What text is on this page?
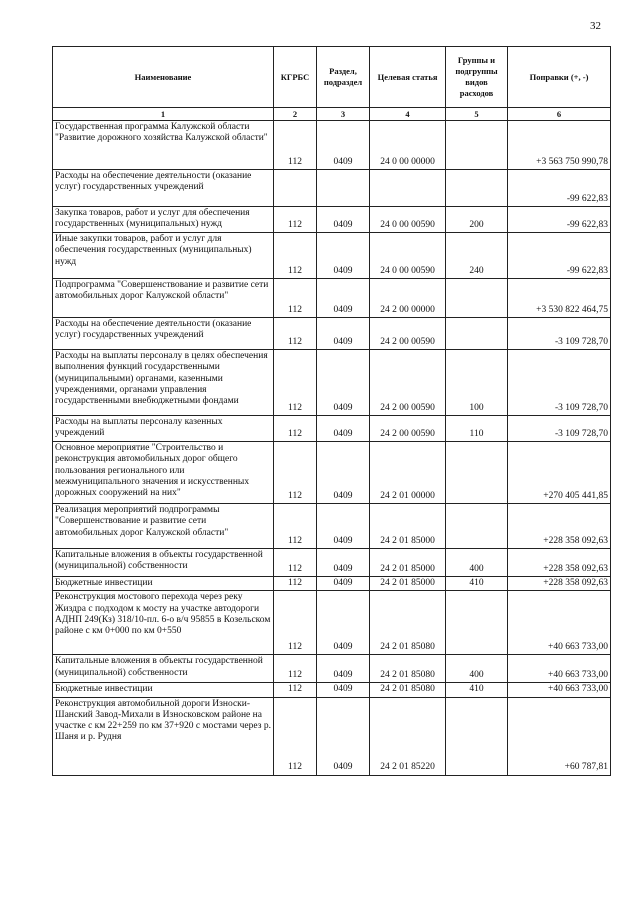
32
Наименование	КГРБС	Раздел, подраздел	Целевая статья	Группы и подгруппы видов расходов	Поправки (+, -)
1	2	3	4	5	6
Государственная программа Калужской области "Развитие дорожного хозяйства Калужской области"	112	0409	24 0 00 00000		+3 563 750 990,78
Расходы на обеспечение деятельности (оказание услуг) государственных учреждений					-99 622,83
Закупка товаров, работ и услуг для обеспечения государственных (муниципальных) нужд	112	0409	24 0 00 00590	200	-99 622,83
Иные закупки товаров, работ и услуг для обеспечения государственных (муниципальных) нужд	112	0409	24 0 00 00590	240	-99 622,83
Подпрограмма "Совершенствование и развитие сети автомобильных дорог Калужской области"	112	0409	24 2 00 00000		+3 530 822 464,75
Расходы на обеспечение деятельности (оказание услуг) государственных учреждений	112	0409	24 2 00 00590		-3 109 728,70
Расходы на выплаты персоналу в целях обеспечения выполнения функций государственными (муниципальными) органами, казенными учреждениями, органами управления государственными внебюджетными фондами	112	0409	24 2 00 00590	100	-3 109 728,70
Расходы на выплаты персоналу казенных учреждений	112	0409	24 2 00 00590	110	-3 109 728,70
Основное мероприятие "Строительство и реконструкция автомобильных дорог общего пользования регионального или межмуниципального значения и искусственных дорожных сооружений на них"	112	0409	24 2 01 00000		+270 405 441,85
Реализация мероприятий подпрограммы "Совершенствование и развитие сети автомобильных дорог Калужской области"	112	0409	24 2 01 85000		+228 358 092,63
Капитальные вложения в объекты государственной (муниципальной) собственности	112	0409	24 2 01 85000	400	+228 358 092,63
Бюджетные инвестиции	112	0409	24 2 01 85000	410	+228 358 092,63
Реконструкция мостового перехода через реку Жиздра с подходом к мосту на участке автодороги АДНП 249(Кз) 318/10-пл. 6-о в/ч 95855 в Козельском районе с км 0+000 по км 0+550	112	0409	24 2 01 85080		+40 663 733,00
Капитальные вложения в объекты государственной (муниципальной) собственности	112	0409	24 2 01 85080	400	+40 663 733,00
Бюджетные инвестиции	112	0409	24 2 01 85080	410	+40 663 733,00
Реконструкция автомобильной дороги Износки-Шанский Завод-Михали в Износковском районе на участке с км 22+259 по км 37+920 с мостами через р. Шаня и р. Рудня	112	0409	24 2 01 85220		+60 787,81
